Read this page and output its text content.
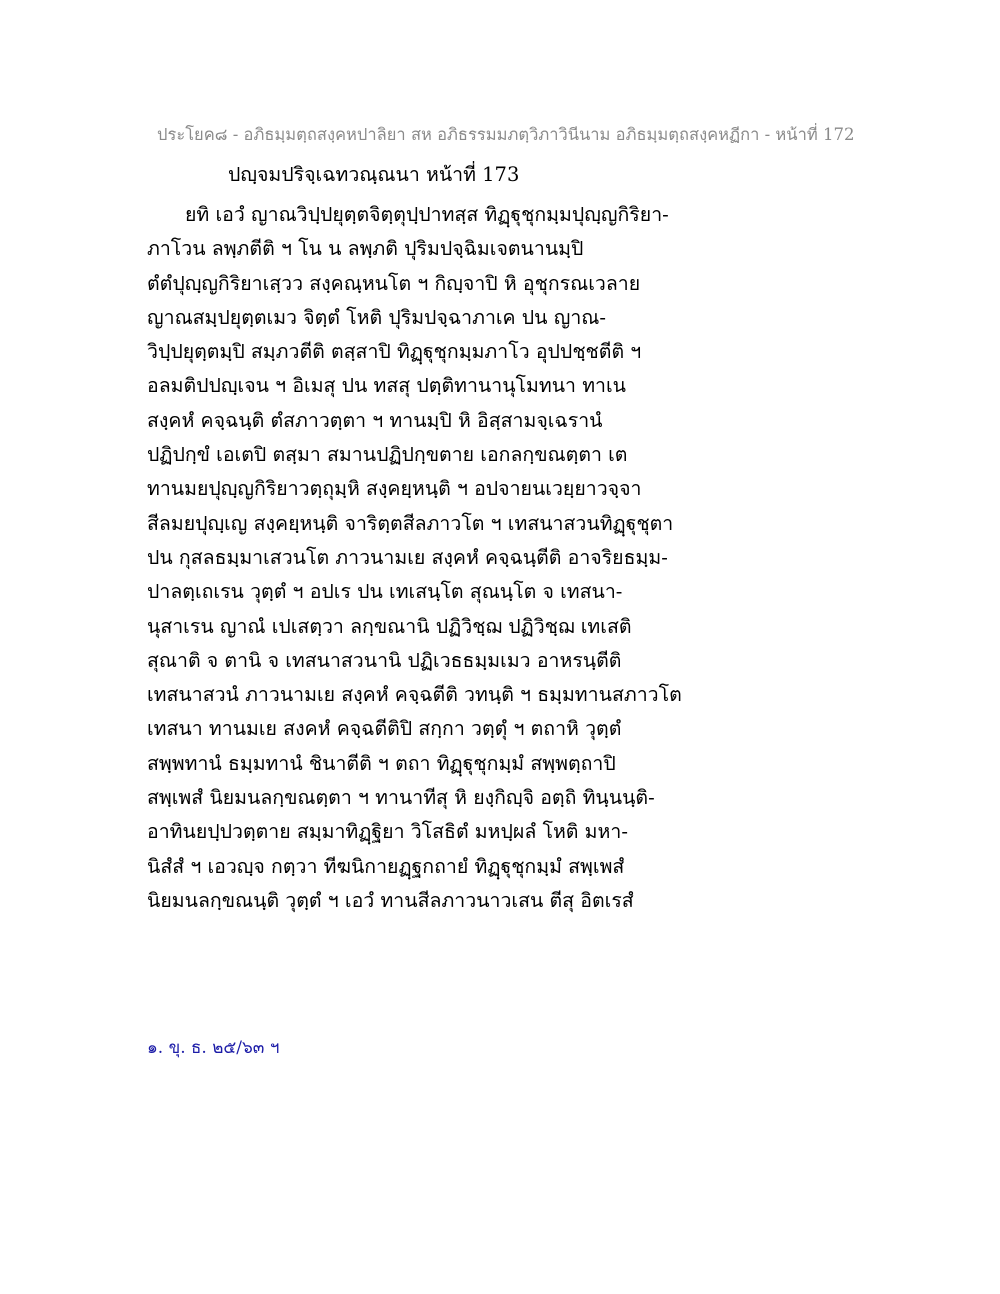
ประโยค๘ - อภิธมฺมตฺถสงฺคหปาลิยา สห อภิธรรมมภตฺวิภาวินีนาม อภิธมฺมตฺถสงฺคหฏีกา - หน้าที่ 172
ปญฺจมปริจฺเฉทวณฺณนา หน้าที่ 173
ยทิ เอวํ ญาณวิปฺปยุตฺตจิตฺตุปฺปาทสฺส ทิฏฺฐุชุกมฺมปุญฺญกิริยา-
ภาโวน ลพฺภตีติ ฯ โน น ลพฺภติ ปุริมปจฺฉิมเจตนานมฺปิ
ตํตํปุญฺญกิริยาเสฺวว สงฺคณฺหนโต ฯ กิญฺจาปิ หิ อุชุกรณเวลาย
ญาณสมฺปยุตฺตเมว จิตฺตํ โหติ ปุริมปจฺฉาภาเค ปน ญาณ-
วิปฺปยุตฺตมฺปิ สมฺภวตีติ ตสฺสาปิ ทิฏฺฐุชุกมฺมภาโว อุปปชฺชตีติ ฯ
อลมติปปญฺเจน ฯ อิเมสุ ปน ทสสุ ปตฺติทานานุโมทนา ทาเน
สงฺคหํ คจฺฉนฺติ ตํสภาวตฺตา ฯ ทานมฺปิ หิ อิสฺสามจฺเฉรานํ
ปฏิปกฺขํ เอเตปิ ตสฺมา สมานปฏิปกฺขตาย เอกลกฺขณตฺตา เต
ทานมยปุญฺญกิริยาวตฺถุมฺหิ สงฺคยฺหนฺติ ฯ อปจายนเวยฺยาวจฺจา
สีลมยปุญฺเญ สงฺคยฺหนฺติ จาริตฺตสีลภาวโต ฯ เทสนาสวนทิฏฺฐุชุตา
ปน กุสลธมฺมาเสวนโต ภาวนามเย สงฺคหํ คจฺฉนฺตีติ อาจริยธมฺม-
ปาลตฺเถเรน วุตฺตํ ฯ อปเร ปน เทเสนฺโต สุณนฺโต จ เทสนา-
นุสาเรน ญาณํ เปเสตฺวา ลกฺขณานิ ปฏิวิชฺฌ ปฏิวิชฺฌ เทเสติ
สุณาติ จ ตานิ จ เทสนาสวนานิ ปฏิเวธธมฺมเมว อาหรนฺตีติ
เทสนาสวนํ ภาวนามเย สงฺคหํ คจฺฉตีติ วทนฺติ ฯ ธมฺมทานสภาวโต
เทสนา ทานมเย สงคหํ คจฺฉตีติปิ สกฺกา วตฺตุํ ฯ ตถาหิ วุตฺตํ
สพฺพทานํ ธมฺมทานํ ชินาตีติ ฯ ตถา ทิฏฺฐุชุกมฺมํ สพฺพตฺถาปิ
สพฺเพสํ นิยมนลกฺขณตฺตา ฯ ทานาทีสุ หิ ยงฺกิญฺจิ อตฺถิ ทินฺนนฺติ-
อาทินยปฺปวตฺตาย สมฺมาทิฏฺฐิยา วิโสธิตํ มหปฺผลํ โหติ มหา-
นิสํสํ ฯ เอวญฺจ กตฺวา ทีฆนิกายฏฺฐกถายํ ทิฏฺฐุชุกมฺมํ สพฺเพสํ
นิยมนลกฺขณนฺติ วุตฺตํ ฯ เอวํ ทานสีลภาวนาวเสน ตีสุ อิตเรสํ
๑. ขุ. ธ. ๒๕/๖๓ ฯ
